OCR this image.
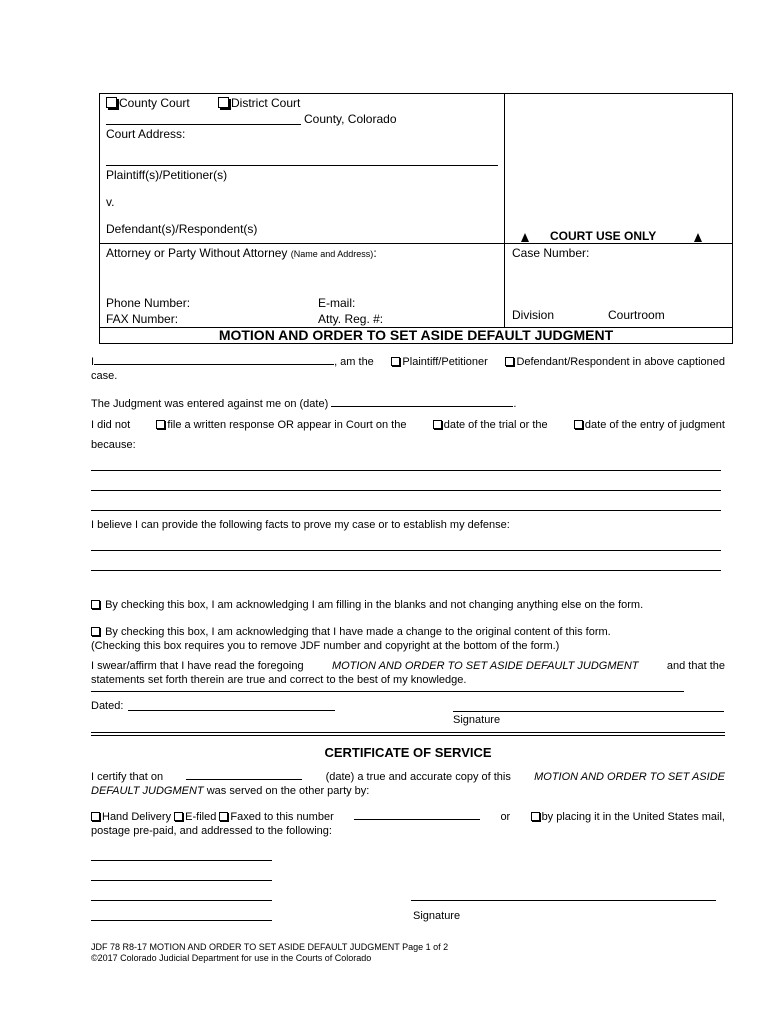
County Court	District Court
County, Colorado
Court Address:
Plaintiff(s)/Petitioner(s)
v.
Defendant(s)/Respondent(s)	COURT USE ONLY
Attorney or Party Without Attorney (Name and Address):	Case Number:
Phone Number:	E-mail:
FAX Number:	Atty. Reg. #:	Division	Courtroom
MOTION AND ORDER TO SET ASIDE DEFAULT JUDGMENT
I	, am the	Plaintiff/Petitioner	Defendant/Respondent in above captioned
case.
The Judgment was entered against me on (date)	.
I did not	file a written response OR appear in Court on the	date of the trial or the	date of the entry of judgment
because:
I believe I can provide the following facts to prove my case or to establish my defense:
By checking this box, I am acknowledging I am filling in the blanks and not changing anything else on the form.
By checking this box, I am acknowledging that I have made a change to the original content of this form.
(Checking this box requires you to remove JDF number and copyright at the bottom of the form.)
I swear/affirm that I have read the foregoing	MOTION AND ORDER TO SET ASIDE DEFAULT JUDGMENT	and that the
statements set forth therein are true and correct to the best of my knowledge.
Dated:
Signature
CERTIFICATE OF SERVICE
I certify that on	(date) a true and accurate copy of this MOTION AND ORDER TO SET ASIDE
DEFAULT JUDGMENT was served on the other party by:
Hand Delivery E-filed Faxed to this number	or	by placing it in the United States mail,
postage pre-paid, and addressed to the following:
Signature
JDF 78 R8-17 MOTION AND ORDER TO SET ASIDE DEFAULT JUDGMENT Page 1 of 2
©2017 Colorado Judicial Department for use in the Courts of Colorado
